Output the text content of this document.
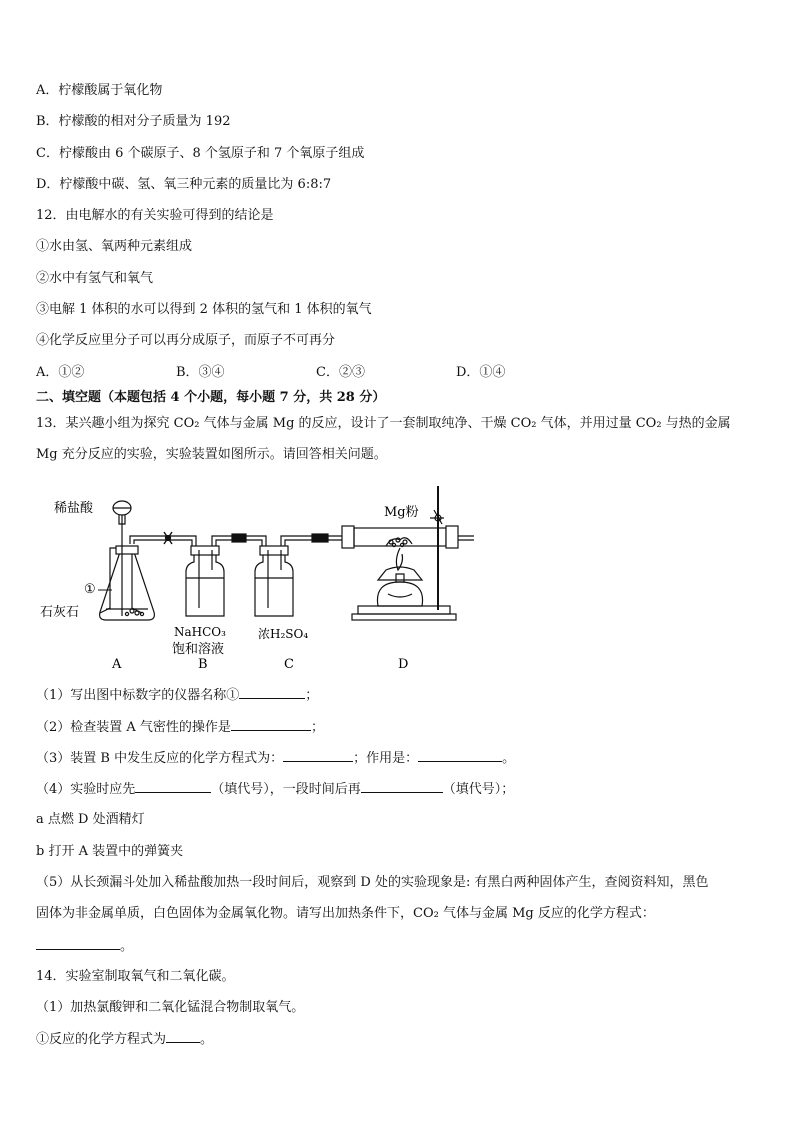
A．柠檬酸属于氧化物
B．柠檬酸的相对分子质量为 192
C．柠檬酸由 6 个碳原子、8 个氢原子和 7 个氧原子组成
D．柠檬酸中碳、氢、氧三种元素的质量比为 6:8:7
12．由电解水的有关实验可得到的结论是
①水由氢、氧两种元素组成
②水中有氢气和氧气
③电解 1 体积的水可以得到 2 体积的氢气和 1 体积的氧气
④化学反应里分子可以再分成原子，而原子不可再分
A．①②	B．③④	C．②③	D．①④
二、填空题（本题包括 4 个小题，每小题 7 分，共 28 分）
13．某兴趣小组为探究 CO₂ 气体与金属 Mg 的反应，设计了一套制取纯净、干燥 CO₂ 气体，并用过量 CO₂ 与热的金属
Mg 充分反应的实验，实验装置如图所示。请回答相关问题。
稀盐酸
①
石灰石
NaHCO₃
饱和溶液
浓H₂SO₄
Mg粉
A	B	C	D
（1）写出图中标数字的仪器名称①	；
（2）检查装置 A 气密性的操作是	；
（3）装置 B 中发生反应的化学方程式为：	；作用是：	。
（4）实验时应先	（填代号），一段时间后再	（填代号）；
a 点燃 D 处酒精灯
b 打开 A 装置中的弹簧夹
（5）从长颈漏斗处加入稀盐酸加热一段时间后，观察到 D 处的实验现象是: 有黑白两种固体产生，查阅资料知，黑色
固体为非金属单质，白色固体为金属氧化物。请写出加热条件下，CO₂ 气体与金属 Mg 反应的化学方程式：
。
14．实验室制取氧气和二氧化碳。
（1）加热氯酸钾和二氧化锰混合物制取氧气。
①反应的化学方程式为	。
